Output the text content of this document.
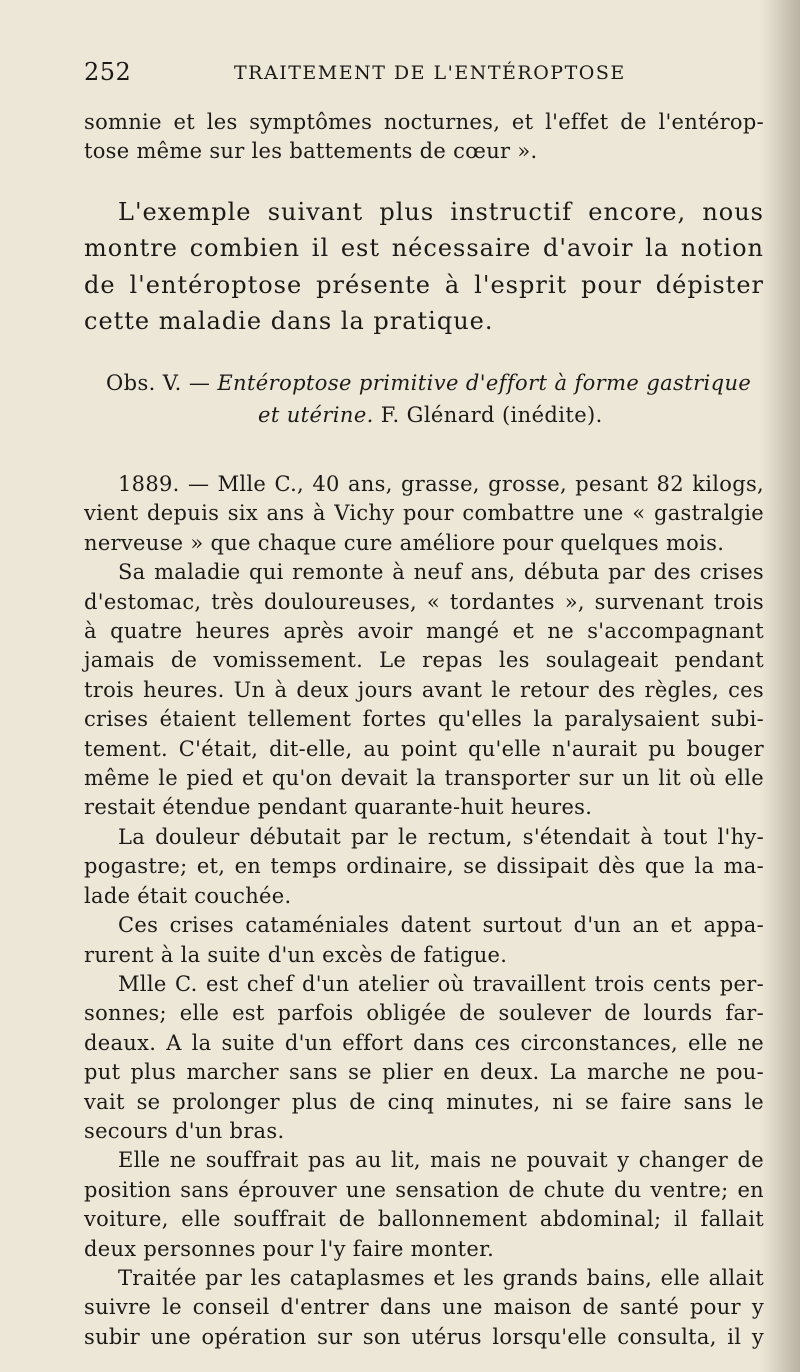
252	TRAITEMENT DE L'ENTÉROPTOSE
somnie et les symptômes nocturnes, et l'effet de l'entérop-
tose même sur les battements de cœur ».
L'exemple suivant plus instructif encore, nous
montre combien il est nécessaire d'avoir la notion
de l'entéroptose présente à l'esprit pour dépister
cette maladie dans la pratique.
Obs. V. — Entéroptose primitive d'effort à forme gastrique
et utérine. F. Glénard (inédite).
1889. — Mlle C., 40 ans, grasse, grosse, pesant 82 kilogs,
vient depuis six ans à Vichy pour combattre une « gastralgie
nerveuse » que chaque cure améliore pour quelques mois.
Sa maladie qui remonte à neuf ans, débuta par des crises
d'estomac, très douloureuses, « tordantes », survenant trois
à quatre heures après avoir mangé et ne s'accompagnant
jamais de vomissement. Le repas les soulageait pendant
trois heures. Un à deux jours avant le retour des règles, ces
crises étaient tellement fortes qu'elles la paralysaient subi-
tement. C'était, dit-elle, au point qu'elle n'aurait pu bouger
même le pied et qu'on devait la transporter sur un lit où elle
restait étendue pendant quarante-huit heures.
La douleur débutait par le rectum, s'étendait à tout l'hy-
pogastre; et, en temps ordinaire, se dissipait dès que la ma-
lade était couchée.
Ces crises cataméniales datent surtout d'un an et appa-
rurent à la suite d'un excès de fatigue.
Mlle C. est chef d'un atelier où travaillent trois cents per-
sonnes; elle est parfois obligée de soulever de lourds far-
deaux. A la suite d'un effort dans ces circonstances, elle ne
put plus marcher sans se plier en deux. La marche ne pou-
vait se prolonger plus de cinq minutes, ni se faire sans le
secours d'un bras.
Elle ne souffrait pas au lit, mais ne pouvait y changer de
position sans éprouver une sensation de chute du ventre; en
voiture, elle souffrait de ballonnement abdominal; il fallait
deux personnes pour l'y faire monter.
Traitée par les cataplasmes et les grands bains, elle allait
suivre le conseil d'entrer dans une maison de santé pour y
subir une opération sur son utérus lorsqu'elle consulta, il y
